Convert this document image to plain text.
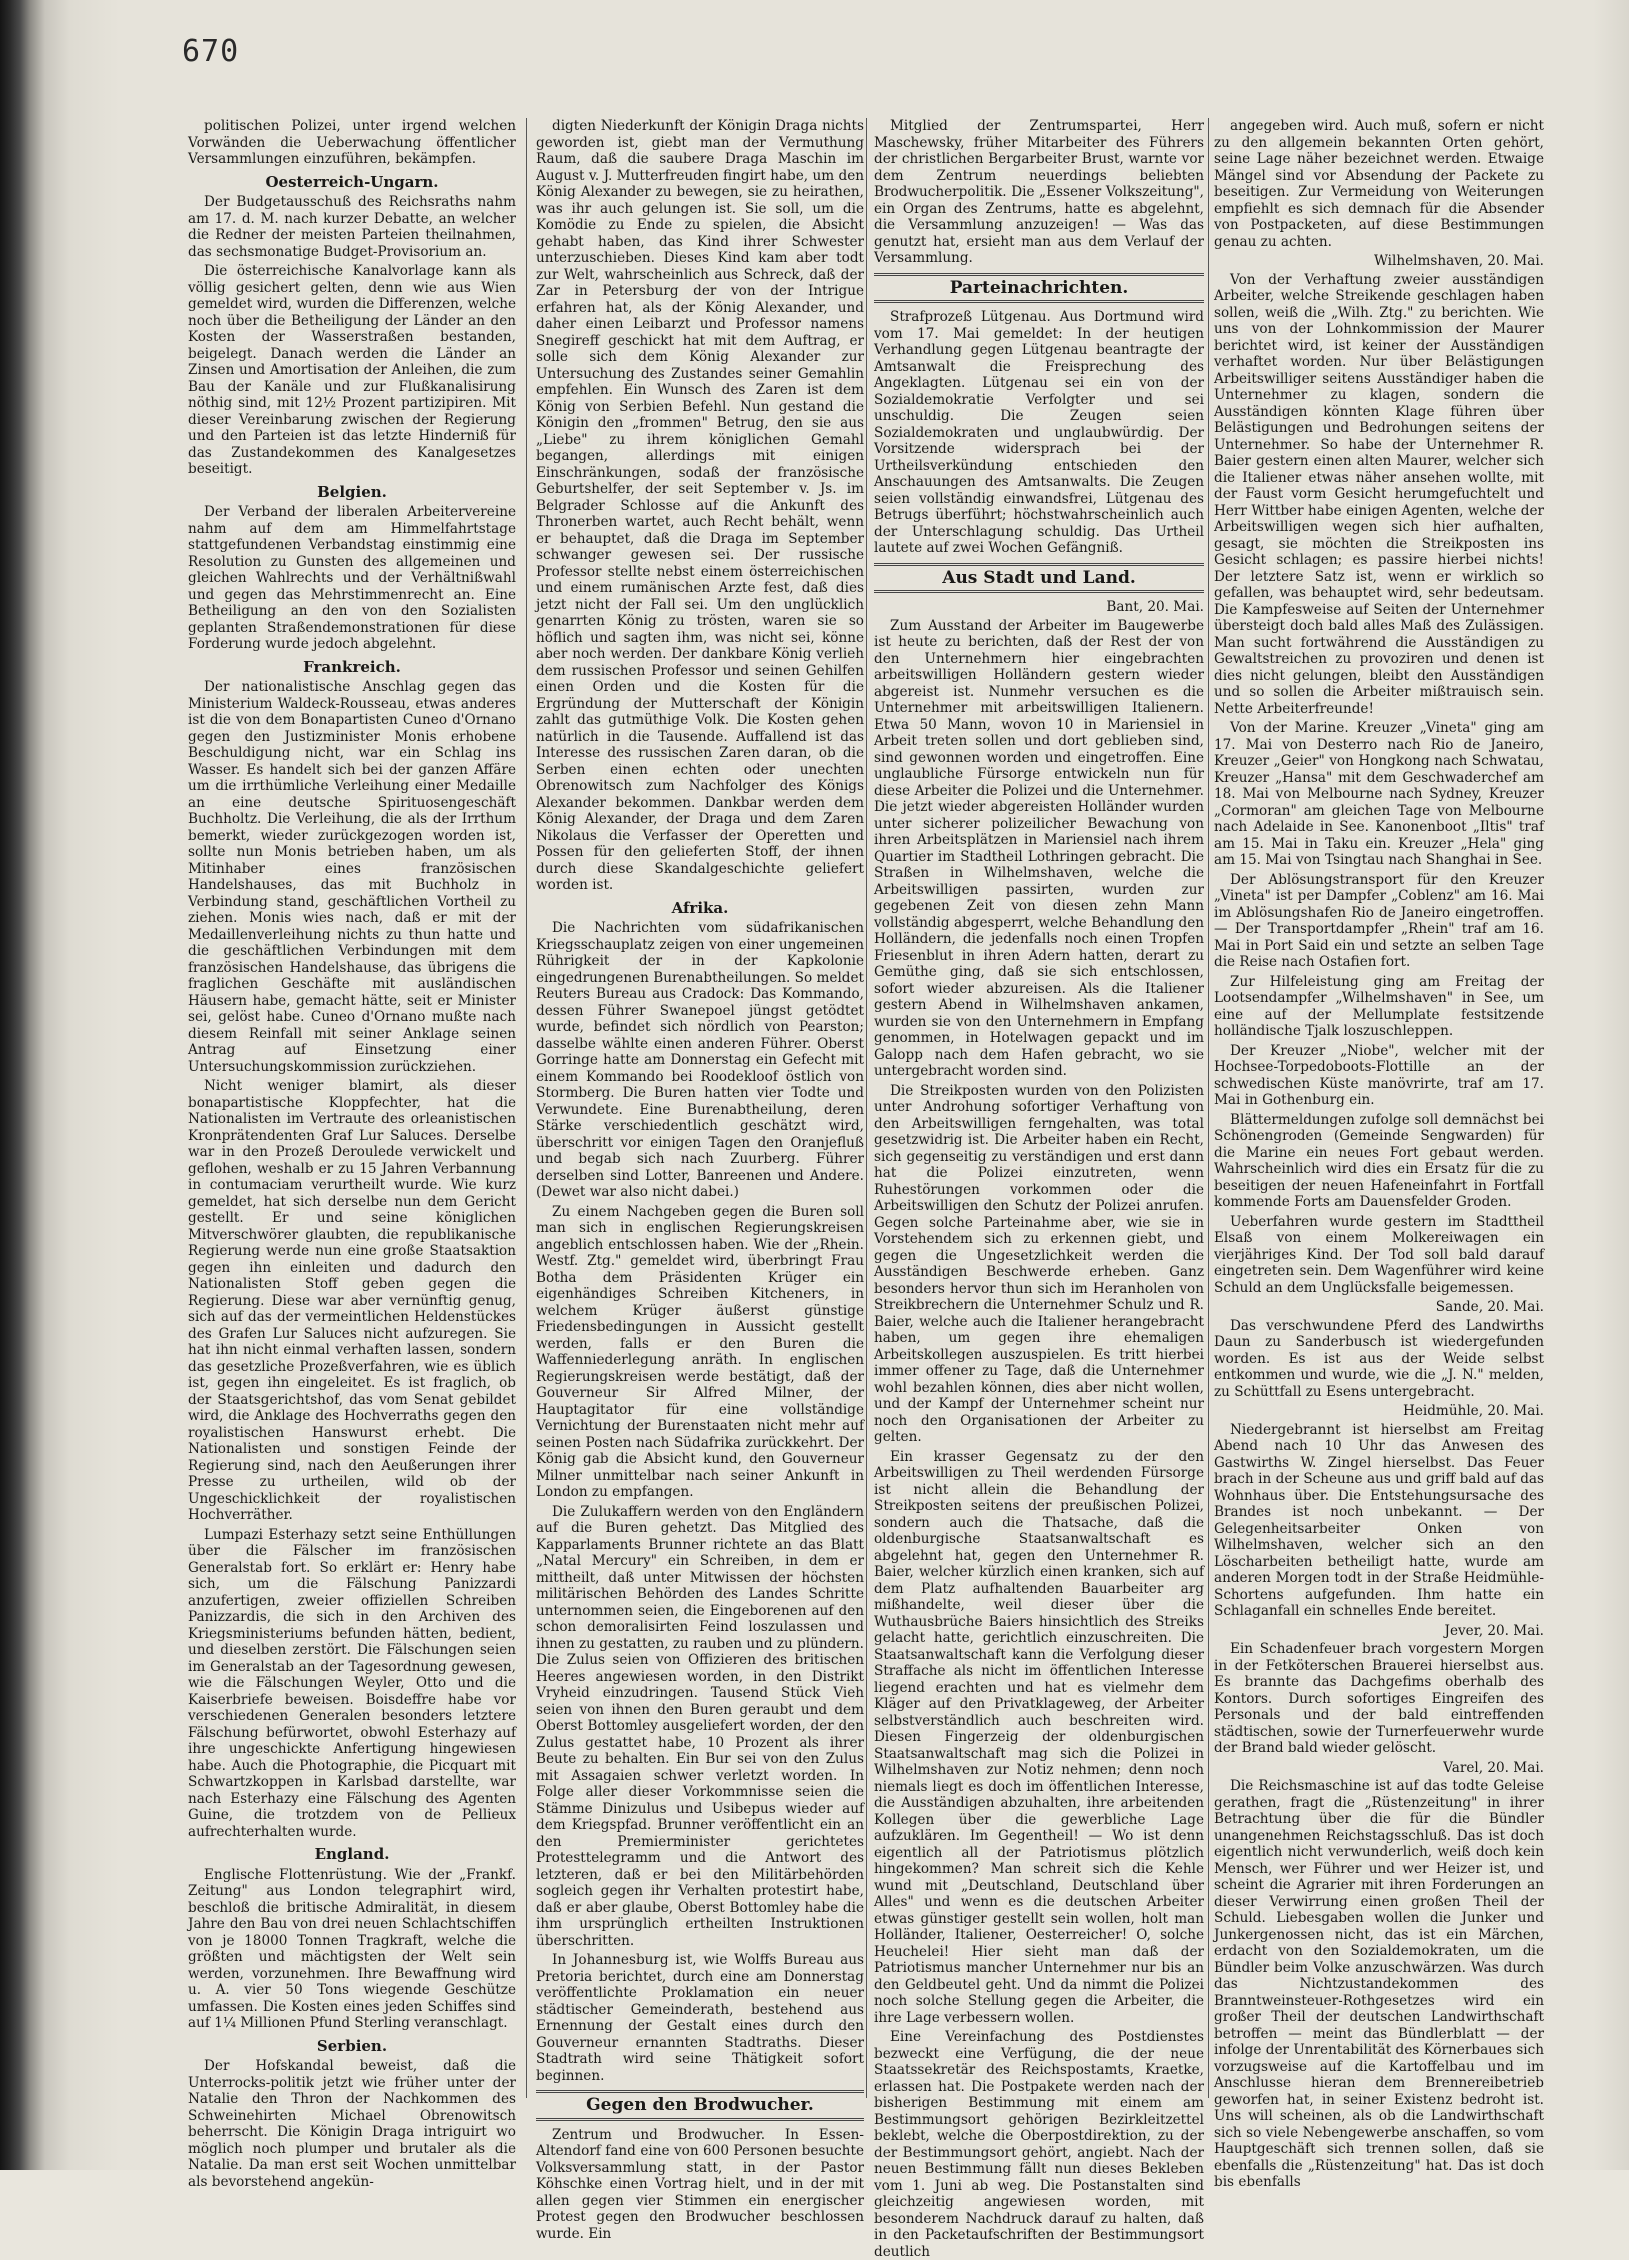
670

politischen Polizei, unter irgend welchen Vorwänden die Ueberwachung öffentlicher Versammlungen einzuführen, bekämpfen.

Oesterreich-Ungarn.

Der Budgetausschuß des Reichsraths nahm am 17. d. M. nach kurzer Debatte, an welcher die Redner der meisten Parteien theilnahmen, das sechsmonatige Budget-Provisorium an.

Die österreichische Kanalvorlage kann als völlig gesichert gelten, denn wie aus Wien gemeldet wird, wurden die Differenzen, welche noch über die Betheiligung der Länder an den Kosten der Wasserstraßen bestanden, beigelegt. Danach werden die Länder an Zinsen und Amortisation der Anleihen, die zum Bau der Kanäle und zur Flußkanalisirung nöthig sind, mit 12½ Prozent partizipiren. Mit dieser Vereinbarung zwischen der Regierung und den Parteien ist das letzte Hinderniß für das Zustandekommen des Kanalgesetzes beseitigt.

Belgien.

Der Verband der liberalen Arbeitervereine nahm auf dem am Himmelfahrtstage stattgefundenen Verbandstag einstimmig eine Resolution zu Gunsten des allgemeinen und gleichen Wahlrechts und der Verhältnißwahl und gegen das Mehrstimmenrecht an. Eine Betheiligung an den von den Sozialisten geplanten Straßendemonstrationen für diese Forderung wurde jedoch abgelehnt.

Frankreich.

Der nationalistische Anschlag gegen das Ministerium Waldeck-Rousseau, etwas anderes ist die von dem Bonapartisten Cuneo d'Ornano gegen den Justizminister Monis erhobene Beschuldigung nicht, war ein Schlag ins Wasser. Es handelt sich bei der ganzen Affäre um die irrthümliche Verleihung einer Medaille an eine deutsche Spirituosengeschäft Buchholtz. Die Verleihung, die als der Irrthum bemerkt, wieder zurückgezogen worden ist, sollte nun Monis betrieben haben, um als Mitinhaber eines französischen Handelshauses, das mit Buchholz in Verbindung stand, geschäftlichen Vortheil zu ziehen. Monis wies nach, daß er mit der Medaillenverleihung nichts zu thun hatte und die geschäftlichen Verbindungen mit dem französischen Handelshause, das übrigens die fraglichen Geschäfte mit ausländischen Häusern habe, gemacht hätte, seit er Minister sei, gelöst habe. Cuneo d'Ornano mußte nach diesem Reinfall mit seiner Anklage seinen Antrag auf Einsetzung einer Untersuchungskommission zurückziehen.

Nicht weniger blamirt, als dieser bonapartistische Kloppfechter, hat die Nationalisten im Vertraute des orleanistischen Kronprätendenten Graf Lur Saluces. Derselbe war in den Prozeß Deroulede verwickelt und geflohen, weshalb er zu 15 Jahren Verbannung in contumaciam verurtheilt wurde. Wie kurz gemeldet, hat sich derselbe nun dem Gericht gestellt. Er und seine königlichen Mitverschwörer glaubten, die republikanische Regierung werde nun eine große Staatsaktion gegen ihn einleiten und dadurch den Nationalisten Stoff geben gegen die Regierung. Diese war aber vernünftig genug, sich auf das der vermeintlichen Heldenstückes des Grafen Lur Saluces nicht aufzuregen. Sie hat ihn nicht einmal verhaften lassen, sondern das gesetzliche Prozeßverfahren, wie es üblich ist, gegen ihn eingeleitet. Es ist fraglich, ob der Staatsgerichtshof, das vom Senat gebildet wird, die Anklage des Hochverraths gegen den royalistischen Hanswurst erhebt. Die Nationalisten und sonstigen Feinde der Regierung sind, nach den Aeußerungen ihrer Presse zu urtheilen, wild ob der Ungeschicklichkeit der royalistischen Hochverräther.

Lumpazi Esterhazy setzt seine Enthüllungen über die Fälscher im französischen Generalstab fort. So erklärt er: Henry habe sich, um die Fälschung Panizzardi anzufertigen, zweier offiziellen Schreiben Panizzardis, die sich in den Archiven des Kriegsministeriums befunden hätten, bedient, und dieselben zerstört. Die Fälschungen seien im Generalstab an der Tagesordnung gewesen, wie die Fälschungen Weyler, Otto und die Kaiserbriefe beweisen. Boisdeffre habe vor verschiedenen Generalen besonders letztere Fälschung befürwortet, obwohl Esterhazy auf ihre ungeschickte Anfertigung hingewiesen habe. Auch die Photographie, die Picquart mit Schwartzkoppen in Karlsbad darstellte, war nach Esterhazy eine Fälschung des Agenten Guine, die trotzdem von de Pellieux aufrechterhalten wurde.

England.

Englische Flottenrüstung. Wie der „Frankf. Zeitung" aus London telegraphirt wird, beschloß die britische Admiralität, in diesem Jahre den Bau von drei neuen Schlachtschiffen von je 18000 Tonnen Tragkraft, welche die größten und mächtigsten der Welt sein werden, vorzunehmen. Ihre Bewaffnung wird u. A. vier 50 Tons wiegende Geschütze umfassen. Die Kosten eines jeden Schiffes sind auf 1¼ Millionen Pfund Sterling veranschlagt.

Serbien.

Der Hofskandal beweist, daß die Unterrocks-politik jetzt wie früher unter der Natalie den Thron der Nachkommen des Schweinehirten Michael Obrenowitsch beherrscht. Die Königin Draga intriguirt wo möglich noch plumper und brutaler als die Natalie. Da man erst seit Wochen unmittelbar als bevorstehend angekün-

digten Niederkunft der Königin Draga nichts geworden ist, giebt man der Vermuthung Raum, daß die saubere Draga Maschin im August v. J. Mutterfreuden fingirt habe, um den König Alexander zu bewegen, sie zu heirathen, was ihr auch gelungen ist. Sie soll, um die Komödie zu Ende zu spielen, die Absicht gehabt haben, das Kind ihrer Schwester unterzuschieben. Dieses Kind kam aber todt zur Welt, wahrscheinlich aus Schreck, daß der Zar in Petersburg der von der Intrigue erfahren hat, als der König Alexander, und daher einen Leibarzt und Professor namens Snegireff geschickt hat mit dem Auftrag, er solle sich dem König Alexander zur Untersuchung des Zustandes seiner Gemahlin empfehlen. Ein Wunsch des Zaren ist dem König von Serbien Befehl. Nun gestand die Königin den „frommen" Betrug, den sie aus „Liebe" zu ihrem königlichen Gemahl begangen, allerdings mit einigen Einschränkungen, sodaß der französische Geburtshelfer, der seit September v. Js. im Belgrader Schlosse auf die Ankunft des Thronerben wartet, auch Recht behält, wenn er behauptet, daß die Draga im September schwanger gewesen sei. Der russische Professor stellte nebst einem österreichischen und einem rumänischen Arzte fest, daß dies jetzt nicht der Fall sei. Um den unglücklich genarrten König zu trösten, waren sie so höflich und sagten ihm, was nicht sei, könne aber noch werden. Der dankbare König verlieh dem russischen Professor und seinen Gehilfen einen Orden und die Kosten für die Ergründung der Mutterschaft der Königin zahlt das gutmüthige Volk. Die Kosten gehen natürlich in die Tausende. Auffallend ist das Interesse des russischen Zaren daran, ob die Serben einen echten oder unechten Obrenowitsch zum Nachfolger des Königs Alexander bekommen. Dankbar werden dem König Alexander, der Draga und dem Zaren Nikolaus die Verfasser der Operetten und Possen für den gelieferten Stoff, der ihnen durch diese Skandalgeschichte geliefert worden ist.

Afrika.

Die Nachrichten vom südafrikanischen Kriegsschauplatz zeigen von einer ungemeinen Rührigkeit der in der Kapkolonie eingedrungenen Burenabtheilungen. So meldet Reuters Bureau aus Cradock: Das Kommando, dessen Führer Swanepoel jüngst getödtet wurde, befindet sich nördlich von Pearston; dasselbe wählte einen anderen Führer. Oberst Gorringe hatte am Donnerstag ein Gefecht mit einem Kommando bei Roodekloof östlich von Stormberg. Die Buren hatten vier Todte und Verwundete. Eine Burenabtheilung, deren Stärke verschiedentlich geschätzt wird, überschritt vor einigen Tagen den Oranjefluß und begab sich nach Zuurberg. Führer derselben sind Lotter, Banreenen und Andere. (Dewet war also nicht dabei.)

Zu einem Nachgeben gegen die Buren soll man sich in englischen Regierungskreisen angeblich entschlossen haben. Wie der „Rhein. Westf. Ztg." gemeldet wird, überbringt Frau Botha dem Präsidenten Krüger ein eigenhändiges Schreiben Kitcheners, in welchem Krüger äußerst günstige Friedensbedingungen in Aussicht gestellt werden, falls er den Buren die Waffenniederlegung anräth. In englischen Regierungskreisen werde bestätigt, daß der Gouverneur Sir Alfred Milner, der Hauptagitator für eine vollständige Vernichtung der Burenstaaten nicht mehr auf seinen Posten nach Südafrika zurückkehrt. Der König gab die Absicht kund, den Gouverneur Milner unmittelbar nach seiner Ankunft in London zu empfangen.

Die Zulukaffern werden von den Engländern auf die Buren gehetzt. Das Mitglied des Kapparlaments Brunner richtete an das Blatt „Natal Mercury" ein Schreiben, in dem er mittheilt, daß unter Mitwissen der höchsten militärischen Behörden des Landes Schritte unternommen seien, die Eingeborenen auf den schon demoralisirten Feind loszulassen und ihnen zu gestatten, zu rauben und zu plündern. Die Zulus seien von Offizieren des britischen Heeres angewiesen worden, in den Distrikt Vryheid einzudringen. Tausend Stück Vieh seien von ihnen den Buren geraubt und dem Oberst Bottomley ausgeliefert worden, der den Zulus gestattet habe, 10 Prozent als ihrer Beute zu behalten. Ein Bur sei von den Zulus mit Assagaien schwer verletzt worden. In Folge aller dieser Vorkommnisse seien die Stämme Dinizulus und Usibepus wieder auf dem Kriegspfad. Brunner veröffentlicht ein an den Premierminister gerichtetes Protesttelegramm und die Antwort des letzteren, daß er bei den Militärbehörden sogleich gegen ihr Verhalten protestirt habe, daß er aber glaube, Oberst Bottomley habe die ihm ursprünglich ertheilten Instruktionen überschritten.

In Johannesburg ist, wie Wolffs Bureau aus Pretoria berichtet, durch eine am Donnerstag veröffentlichte Proklamation ein neuer städtischer Gemeinderath, bestehend aus Ernennung der Gestalt eines durch den Gouverneur ernannten Stadtraths. Dieser Stadtrath wird seine Thätigkeit sofort beginnen.

Gegen den Brodwucher.

Zentrum und Brodwucher. In Essen-Altendorf fand eine von 600 Personen besuchte Volksversammlung statt, in der Pastor Köhschke einen Vortrag hielt, und in der mit allen gegen vier Stimmen ein energischer Protest gegen den Brodwucher beschlossen wurde. Ein

Mitglied der Zentrumspartei, Herr Maschewsky, früher Mitarbeiter des Führers der christlichen Bergarbeiter Brust, warnte vor dem Zentrum neuerdings beliebten Brodwucherpolitik. Die „Essener Volkszeitung", ein Organ des Zentrums, hatte es abgelehnt, die Versammlung anzuzeigen! — Was das genutzt hat, ersieht man aus dem Verlauf der Versammlung.

Parteinachrichten.

Strafprozeß Lütgenau. Aus Dortmund wird vom 17. Mai gemeldet: In der heutigen Verhandlung gegen Lütgenau beantragte der Amtsanwalt die Freisprechung des Angeklagten. Lütgenau sei ein von der Sozialdemokratie Verfolgter und sei unschuldig. Die Zeugen seien Sozialdemokraten und unglaubwürdig. Der Vorsitzende widersprach bei der Urtheilsverkündung entschieden den Anschauungen des Amtsanwalts. Die Zeugen seien vollständig einwandsfrei, Lütgenau des Betrugs überführt; höchstwahrscheinlich auch der Unterschlagung schuldig. Das Urtheil lautete auf zwei Wochen Gefängniß.

Aus Stadt und Land.
Bant, 20. Mai.

Zum Ausstand der Arbeiter im Baugewerbe ist heute zu berichten, daß der Rest der von den Unternehmern hier eingebrachten arbeitswilligen Holländern gestern wieder abgereist ist. Nunmehr versuchen es die Unternehmer mit arbeitswilligen Italienern. Etwa 50 Mann, wovon 10 in Mariensiel in Arbeit treten sollen und dort geblieben sind, sind gewonnen worden und eingetroffen. Eine unglaubliche Fürsorge entwickeln nun für diese Arbeiter die Polizei und die Unternehmer. Die jetzt wieder abgereisten Holländer wurden unter sicherer polizeilicher Bewachung von ihren Arbeitsplätzen in Mariensiel nach ihrem Quartier im Stadtheil Lothringen gebracht. Die Straßen in Wilhelmshaven, welche die Arbeitswilligen passirten, wurden zur gegebenen Zeit von diesen zehn Mann vollständig abgesperrt, welche Behandlung den Holländern, die jedenfalls noch einen Tropfen Friesenblut in ihren Adern hatten, derart zu Gemüthe ging, daß sie sich entschlossen, sofort wieder abzureisen. Als die Italiener gestern Abend in Wilhelmshaven ankamen, wurden sie von den Unternehmern in Empfang genommen, in Hotelwagen gepackt und im Galopp nach dem Hafen gebracht, wo sie untergebracht worden sind.

Die Streikposten wurden von den Polizisten unter Androhung sofortiger Verhaftung von den Arbeitswilligen ferngehalten, was total gesetzwidrig ist. Die Arbeiter haben ein Recht, sich gegenseitig zu verständigen und erst dann hat die Polizei einzutreten, wenn Ruhestörungen vorkommen oder die Arbeitswilligen den Schutz der Polizei anrufen. Gegen solche Parteinahme aber, wie sie in Vorstehendem sich zu erkennen giebt, und gegen die Ungesetzlichkeit werden die Ausständigen Beschwerde erheben. Ganz besonders hervor thun sich im Heranholen von Streikbrechern die Unternehmer Schulz und R. Baier, welche auch die Italiener herangebracht haben, um gegen ihre ehemaligen Arbeitskollegen auszuspielen. Es tritt hierbei immer offener zu Tage, daß die Unternehmer wohl bezahlen können, dies aber nicht wollen, und der Kampf der Unternehmer scheint nur noch den Organisationen der Arbeiter zu gelten.

Ein krasser Gegensatz zu der den Arbeitswilligen zu Theil werdenden Fürsorge ist nicht allein die Behandlung der Streikposten seitens der preußischen Polizei, sondern auch die Thatsache, daß die oldenburgische Staatsanwaltschaft es abgelehnt hat, gegen den Unternehmer R. Baier, welcher kürzlich einen kranken, sich auf dem Platz aufhaltenden Bauarbeiter arg mißhandelte, weil dieser über die Wuthausbrüche Baiers hinsichtlich des Streiks gelacht hatte, gerichtlich einzuschreiten. Die Staatsanwaltschaft kann die Verfolgung dieser Straffache als nicht im öffentlichen Interesse liegend erachten und hat es vielmehr dem Kläger auf den Privatklageweg, der Arbeiter selbstverständlich auch beschreiten wird. Diesen Fingerzeig der oldenburgischen Staatsanwaltschaft mag sich die Polizei in Wilhelmshaven zur Notiz nehmen; denn noch niemals liegt es doch im öffentlichen Interesse, die Ausständigen abzuhalten, ihre arbeitenden Kollegen über die gewerbliche Lage aufzuklären. Im Gegentheil! — Wo ist denn eigentlich all der Patriotismus plötzlich hingekommen? Man schreit sich die Kehle wund mit „Deutschland, Deutschland über Alles" und wenn es die deutschen Arbeiter etwas günstiger gestellt sein wollen, holt man Holländer, Italiener, Oesterreicher! O, solche Heuchelei! Hier sieht man daß der Patriotismus mancher Unternehmer nur bis an den Geldbeutel geht. Und da nimmt die Polizei noch solche Stellung gegen die Arbeiter, die ihre Lage verbessern wollen.

Eine Vereinfachung des Postdienstes bezweckt eine Verfügung, die der neue Staatssekretär des Reichspostamts, Kraetke, erlassen hat. Die Postpakete werden nach der bisherigen Bestimmung mit einem am Bestimmungsort gehörigen Bezirkleitzettel beklebt, welche die Oberpostdirektion, zu der der Bestimmungsort gehört, angiebt. Nach der neuen Bestimmung fällt nun dieses Bekleben vom 1. Juni ab weg. Die Postanstalten sind gleichzeitig angewiesen worden, mit besonderem Nachdruck darauf zu halten, daß in den Packetaufschriften der Bestimmungsort deutlich

angegeben wird. Auch muß, sofern er nicht zu den allgemein bekannten Orten gehört, seine Lage näher bezeichnet werden. Etwaige Mängel sind vor Absendung der Packete zu beseitigen. Zur Vermeidung von Weiterungen empfiehlt es sich demnach für die Absender von Postpacketen, auf diese Bestimmungen genau zu achten.

Wilhelmshaven, 20. Mai.

Von der Verhaftung zweier ausständigen Arbeiter, welche Streikende geschlagen haben sollen, weiß die „Wilh. Ztg." zu berichten. Wie uns von der Lohnkommission der Maurer berichtet wird, ist keiner der Ausständigen verhaftet worden. Nur über Belästigungen Arbeitswilliger seitens Ausständiger haben die Unternehmer zu klagen, sondern die Ausständigen könnten Klage führen über Belästigungen und Bedrohungen seitens der Unternehmer. So habe der Unternehmer R. Baier gestern einen alten Maurer, welcher sich die Italiener etwas näher ansehen wollte, mit der Faust vorm Gesicht herumgefuchtelt und Herr Wittber habe einigen Agenten, welche der Arbeitswilligen wegen sich hier aufhalten, gesagt, sie möchten die Streikposten ins Gesicht schlagen; es passire hierbei nichts! Der letztere Satz ist, wenn er wirklich so gefallen, was behauptet wird, sehr bedeutsam. Die Kampfesweise auf Seiten der Unternehmer übersteigt doch bald alles Maß des Zulässigen. Man sucht fortwährend die Ausständigen zu Gewaltstreichen zu provoziren und denen ist dies nicht gelungen, bleibt den Ausständigen und so sollen die Arbeiter mißtrauisch sein. Nette Arbeiterfreunde!

Von der Marine. Kreuzer „Vineta" ging am 17. Mai von Desterro nach Rio de Janeiro, Kreuzer „Geier" von Hongkong nach Schwatau, Kreuzer „Hansa" mit dem Geschwaderchef am 18. Mai von Melbourne nach Sydney, Kreuzer „Cormoran" am gleichen Tage von Melbourne nach Adelaide in See. Kanonenboot „Iltis" traf am 15. Mai in Taku ein. Kreuzer „Hela" ging am 15. Mai von Tsingtau nach Shanghai in See.

Der Ablösungstransport für den Kreuzer „Vineta" ist per Dampfer „Coblenz" am 16. Mai im Ablösungshafen Rio de Janeiro eingetroffen. — Der Transportdampfer „Rhein" traf am 16. Mai in Port Said ein und setzte an selben Tage die Reise nach Ostafien fort.

Zur Hilfeleistung ging am Freitag der Lootsendampfer „Wilhelmshaven" in See, um eine auf der Mellumplate festsitzende holländische Tjalk loszuschleppen.

Der Kreuzer „Niobe", welcher mit der Hochsee-Torpedoboots-Flottille an der schwedischen Küste manövrirte, traf am 17. Mai in Gothenburg ein.

Blättermeldungen zufolge soll demnächst bei Schönengroden (Gemeinde Sengwarden) für die Marine ein neues Fort gebaut werden. Wahrscheinlich wird dies ein Ersatz für die zu beseitigen der neuen Hafeneinfahrt in Fortfall kommende Forts am Dauensfelder Groden.

Ueberfahren wurde gestern im Stadttheil Elsaß von einem Molkereiwagen ein vierjähriges Kind. Der Tod soll bald darauf eingetreten sein. Dem Wagenführer wird keine Schuld an dem Unglücksfalle beigemessen.

Sande, 20. Mai.

Das verschwundene Pferd des Landwirths Daun zu Sanderbusch ist wiedergefunden worden. Es ist aus der Weide selbst entkommen und wurde, wie die „J. N." melden, zu Schüttfall zu Esens untergebracht.

Heidmühle, 20. Mai.

Niedergebrannt ist hierselbst am Freitag Abend nach 10 Uhr das Anwesen des Gastwirths W. Zingel hierselbst. Das Feuer brach in der Scheune aus und griff bald auf das Wohnhaus über. Die Entstehungsursache des Brandes ist noch unbekannt. — Der Gelegenheitsarbeiter Onken von Wilhelmshaven, welcher sich an den Löscharbeiten betheiligt hatte, wurde am anderen Morgen todt in der Straße Heidmühle-Schortens aufgefunden. Ihm hatte ein Schlaganfall ein schnelles Ende bereitet.

Jever, 20. Mai.

Ein Schadenfeuer brach vorgestern Morgen in der Fetköterschen Brauerei hierselbst aus. Es brannte das Dachgefims oberhalb des Kontors. Durch sofortiges Eingreifen des Personals und der bald eintreffenden städtischen, sowie der Turnerfeuerwehr wurde der Brand bald wieder gelöscht.

Varel, 20. Mai.

Die Reichsmaschine ist auf das todte Geleise gerathen, fragt die „Rüstenzeitung" in ihrer Betrachtung über die für die Bündler unangenehmen Reichstagsschluß. Das ist doch eigentlich nicht verwunderlich, weiß doch kein Mensch, wer Führer und wer Heizer ist, und scheint die Agrarier mit ihren Forderungen an dieser Verwirrung einen großen Theil der Schuld. Liebesgaben wollen die Junker und Junkergenossen nicht, das ist ein Märchen, erdacht von den Sozialdemokraten, um die Bündler beim Volke anzuschwärzen. Was durch das Nichtzustandekommen des Branntweinsteuer-Rothgesetzes wird ein großer Theil der deutschen Landwirthschaft betroffen — meint das Bündlerblatt — der infolge der Unrentabilität des Körnerbaues sich vorzugsweise auf die Kartoffelbau und im Anschlusse hieran dem Brennereibetrieb geworfen hat, in seiner Existenz bedroht ist. Uns will scheinen, als ob die Landwirthschaft sich so viele Nebengewerbe anschaffen, so vom Hauptgeschäft sich trennen sollen, daß sie ebenfalls die „Rüstenzeitung" hat. Das ist doch bis ebenfalls
